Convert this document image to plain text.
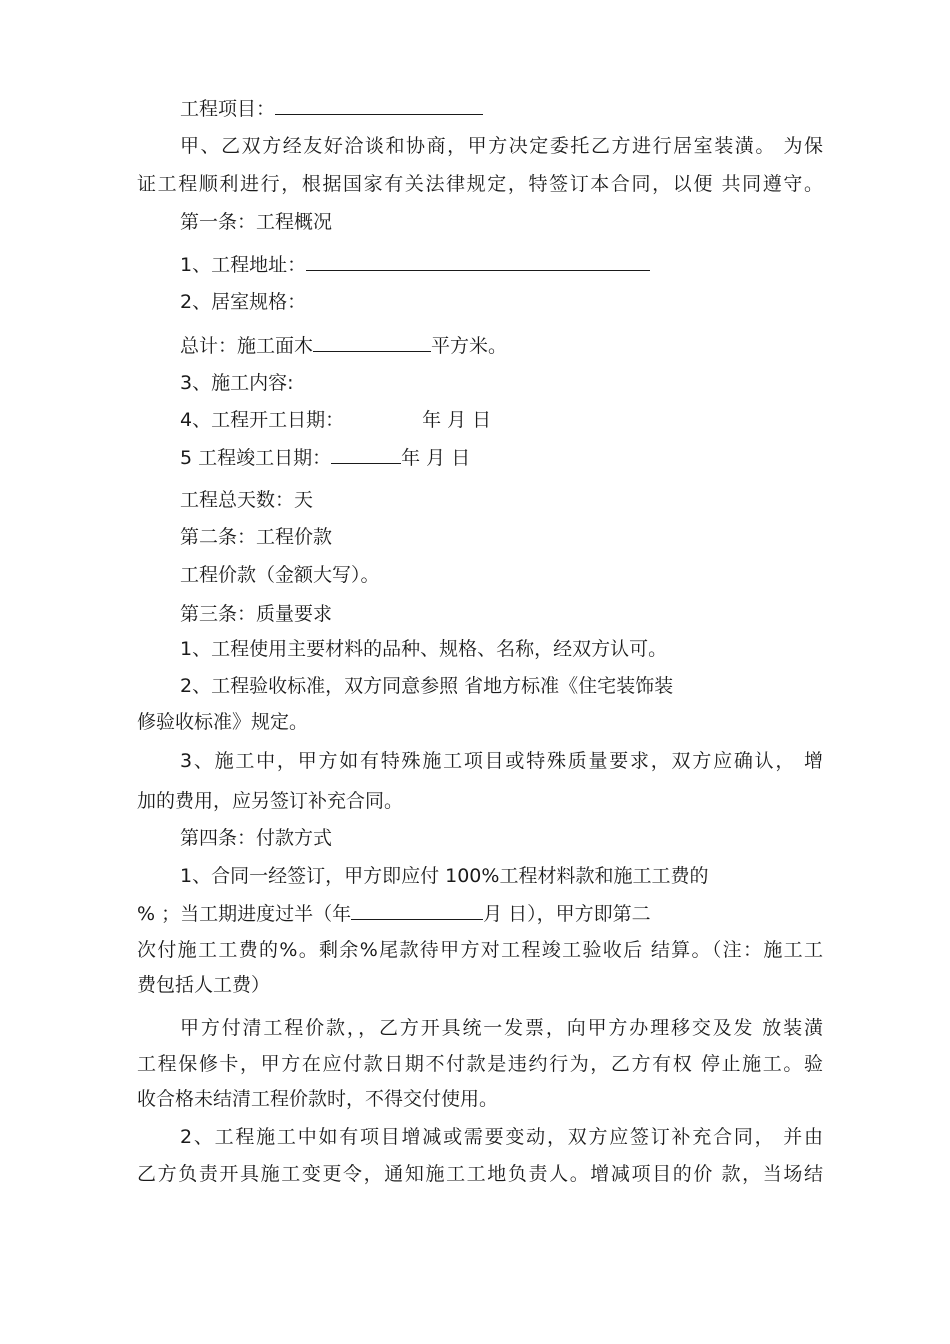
工程项目：
甲、乙双方经友好洽谈和协商，甲方决定委托乙方进行居室装潢。 为保
证工程顺利进行，根据国家有关法律规定，特签订本合同，以便 共同遵守。
第一条：工程概况
1、工程地址：
2、居室规格：
总计：施工面木	平方米。
3、施工内容:
4、工程开工日期：	年 月 日
5 工程竣工日期：	年 月 日
工程总天数：天
第二条：工程价款
工程价款（金额大写）。
第三条：质量要求
1、工程使用主要材料的品种、规格、名称，经双方认可。
2、工程验收标准，双方同意参照 省地方标准《住宅装饰装
修验收标准》规定。
3、施工中，甲方如有特殊施工项目或特殊质量要求，双方应确认， 增
加的费用，应另签订补充合同。
第四条：付款方式
1、合同一经签订，甲方即应付 100%工程材料款和施工工费的
% ；当工期进度过半（年	月 日），甲方即第二
次付施工工费的%。剩余%尾款待甲方对工程竣工验收后 结算。（注：施工工
费包括人工费）
甲方付清工程价款，，乙方开具统一发票，向甲方办理移交及发 放装潢
工程保修卡，甲方在应付款日期不付款是违约行为，乙方有权 停止施工。验
收合格未结清工程价款时，不得交付使用。
2、工程施工中如有项目增减或需要变动，双方应签订补充合同， 并由
乙方负责开具施工变更令，通知施工工地负责人。增减项目的价 款，当场结
